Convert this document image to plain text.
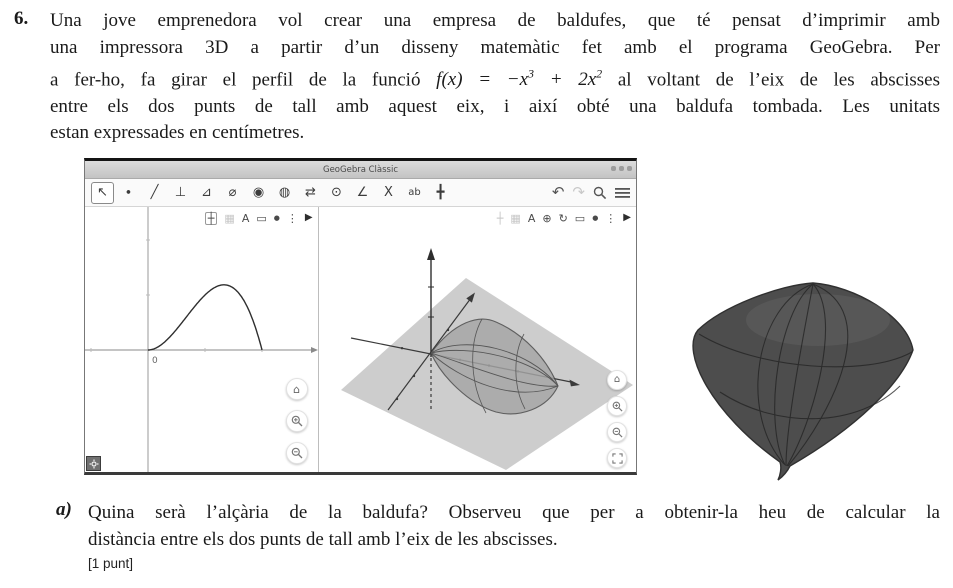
6. Una jove emprenedora vol crear una empresa de baldufes, que té pensat d’imprimir amb
una impressora 3D a partir d’un disseny matemàtic fet amb el programa GeoGebra. Per
a fer-ho, fa girar el perfil de la funció $f(x) = -x^3 + 2x^2$ al voltant de l’eix de les abscisses
entre els dos punts de tall amb aquest eix, i així obté una baldufa tombada. Les unitats
estan expressades en centímetres.
GeoGebra Clàssic
↖ ∙ ╱ ⊥ ⊿ ⌀ ◉ ◍ ⇄ ⊙ ∠ X ab ╋	↶ ↷
┼ ▦ A ▭ ● ⋮ ▶
0
⌂
┼ ▦ A ⊕ ↻ ▭ ● ⋮ ▶
⌂
a) Quina serà l’alçària de la baldufa? Observeu que per a obtenir-la heu de calcular la
distància entre els dos punts de tall amb l’eix de les abscisses.
[1 punt]
